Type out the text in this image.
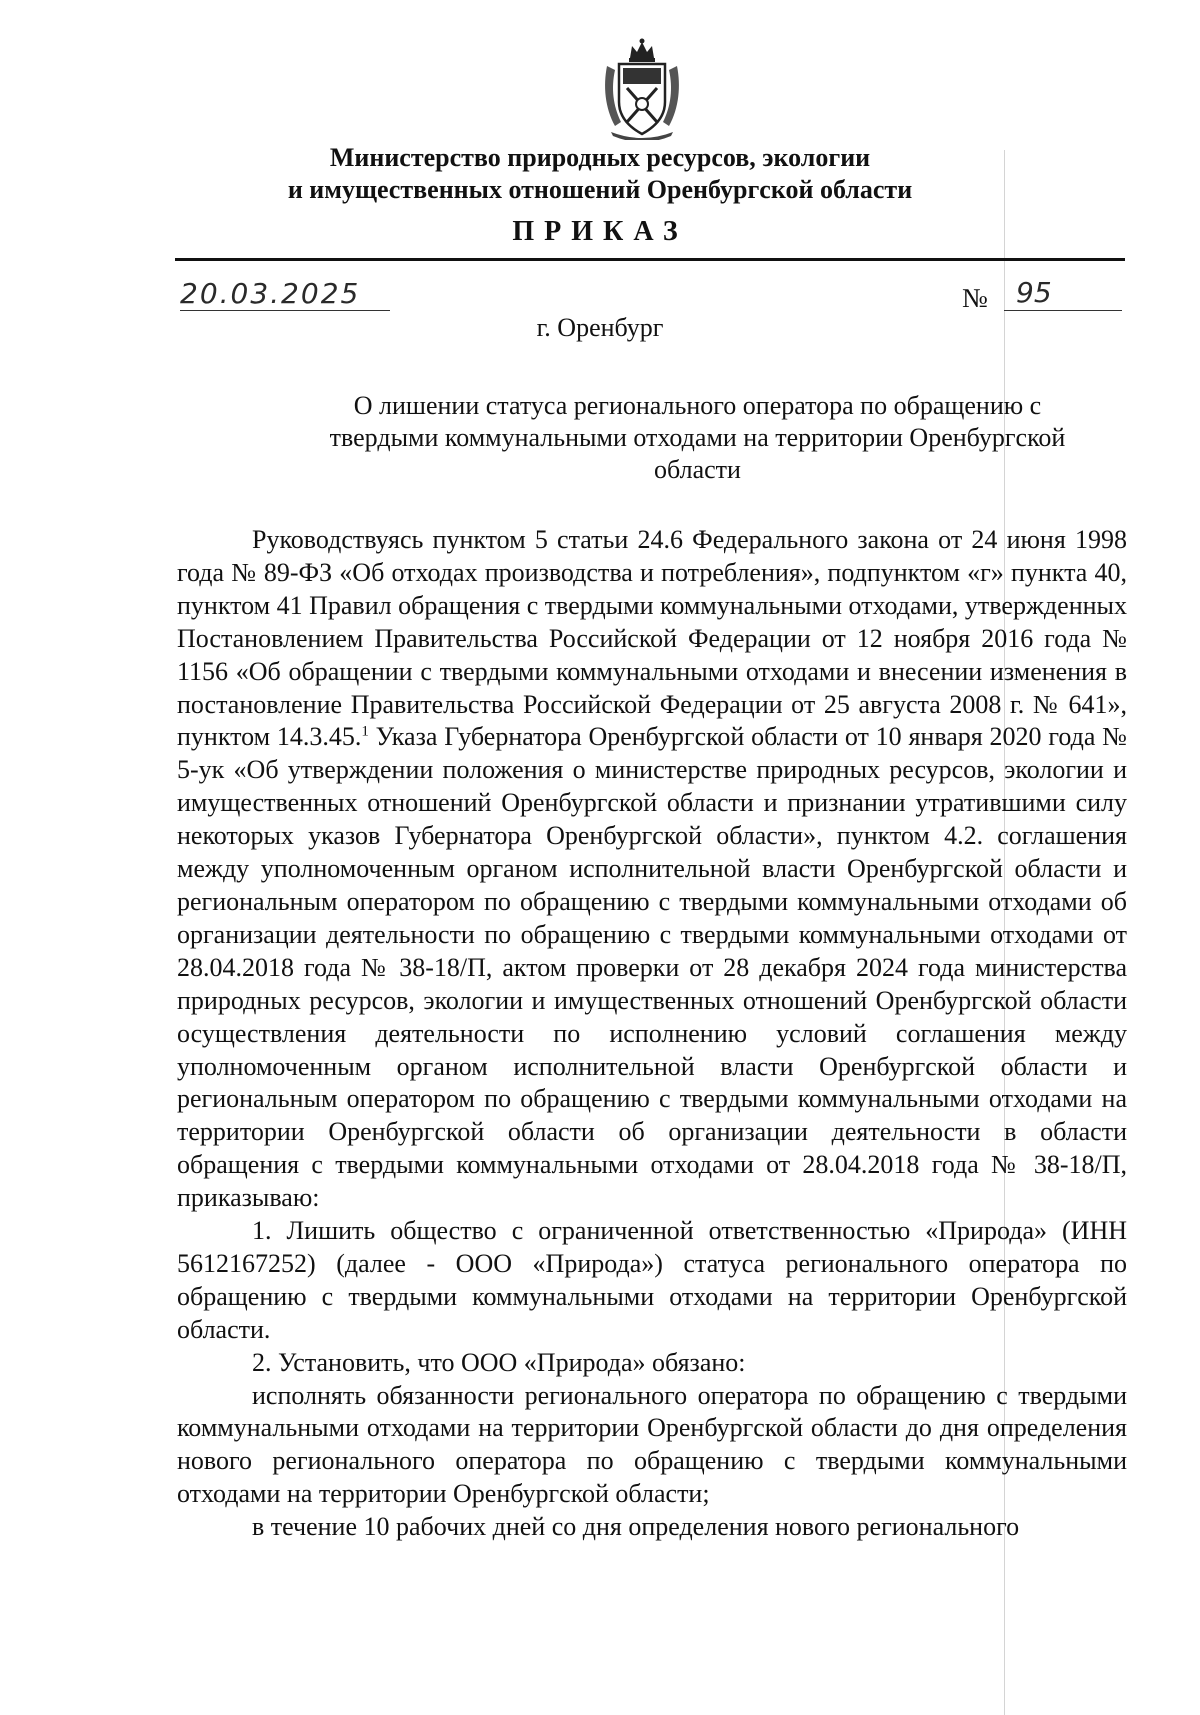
Министерство природных ресурсов, экологии
и имущественных отношений Оренбургской области
ПРИКАЗ
20.03.2025	№	95
г. Оренбург
О лишении статуса регионального оператора по обращению с
твердыми коммунальными отходами на территории Оренбургской
области

Руководствуясь пунктом 5 статьи 24.6 Федерального закона от 24 июня 1998 года № 89-ФЗ «Об отходах производства и потребления», подпунктом «г» пункта 40, пунктом 41 Правил обращения с твердыми коммунальными отходами, утвержденных Постановлением Правительства Российской Федерации от 12 ноября 2016 года № 1156 «Об обращении с твердыми коммунальными отходами и внесении изменения в постановление Правительства Российской Федерации от 25 августа 2008 г. № 641», пунктом 14.3.45.$^1$ Указа Губернатора Оренбургской области от 10 января 2020 года № 5-ук «Об утверждении положения о министерстве природных ресурсов, экологии и имущественных отношений Оренбургской области и признании утратившими силу некоторых указов Губернатора Оренбургской области», пунктом 4.2. соглашения между уполномоченным органом исполнительной власти Оренбургской области и региональным оператором по обращению с твердыми коммунальными отходами об организации деятельности по обращению с твердыми коммунальными отходами от 28.04.2018 года № 38-18/П, актом проверки от 28 декабря 2024 года министерства природных ресурсов, экологии и имущественных отношений Оренбургской области осуществления деятельности по исполнению условий соглашения между уполномоченным органом исполнительной власти Оренбургской области и региональным оператором по обращению с твердыми коммунальными отходами на территории Оренбургской области об организации деятельности в области обращения с твердыми коммунальными отходами от 28.04.2018 года № 38-18/П, приказываю:

1. Лишить общество с ограниченной ответственностью «Природа» (ИНН 5612167252) (далее - ООО «Природа») статуса регионального оператора по обращению с твердыми коммунальными отходами на территории Оренбургской области.

2. Установить, что ООО «Природа» обязано:

исполнять обязанности регионального оператора по обращению с твердыми коммунальными отходами на территории Оренбургской области до дня определения нового регионального оператора по обращению с твердыми коммунальными отходами на территории Оренбургской области;

в течение 10 рабочих дней со дня определения нового регионального
